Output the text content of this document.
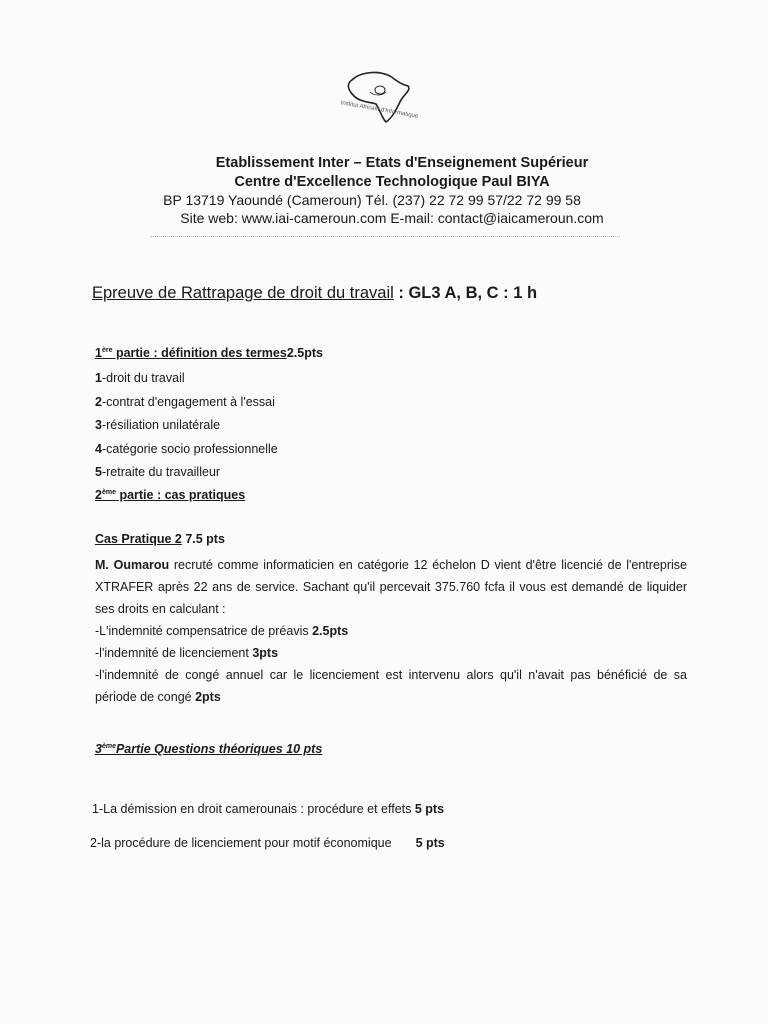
Institut Africain d'Informatique
Etablissement Inter – Etats d'Enseignement Supérieur
Centre d'Excellence Technologique Paul BIYA
BP 13719 Yaoundé (Cameroun) Tél. (237) 22 72 99 57/22 72 99 58
Site web: www.iai-cameroun.com E-mail: contact@iaicameroun.com
Epreuve de Rattrapage de droit du travail : GL3 A, B, C : 1 h
1ère partie : définition des termes2.5pts
1-droit du travail
2-contrat d'engagement à l'essai
3-résiliation unilatérale
4-catégorie socio professionnelle
5-retraite du travailleur
2ème partie : cas pratiques
Cas Pratique 2 7.5 pts

M. Oumarou recruté comme informaticien en catégorie 12 échelon D vient d'être licencié de l'entreprise XTRAFER après 22 ans de service. Sachant qu'il percevait 375.760 fcfa il vous est demandé de liquider ses droits en calculant :

-L'indemnité compensatrice de préavis 2.5pts

-l'indemnité de licenciement 3pts

-l'indemnité de congé annuel car le licenciement est intervenu alors qu'il n'avait pas bénéficié de sa période de congé 2pts

3èmePartie Questions théoriques 10 pts
1-La démission en droit camerounais : procédure et effets 5 pts
2-la procédure de licenciement pour motif économique 5 pts
